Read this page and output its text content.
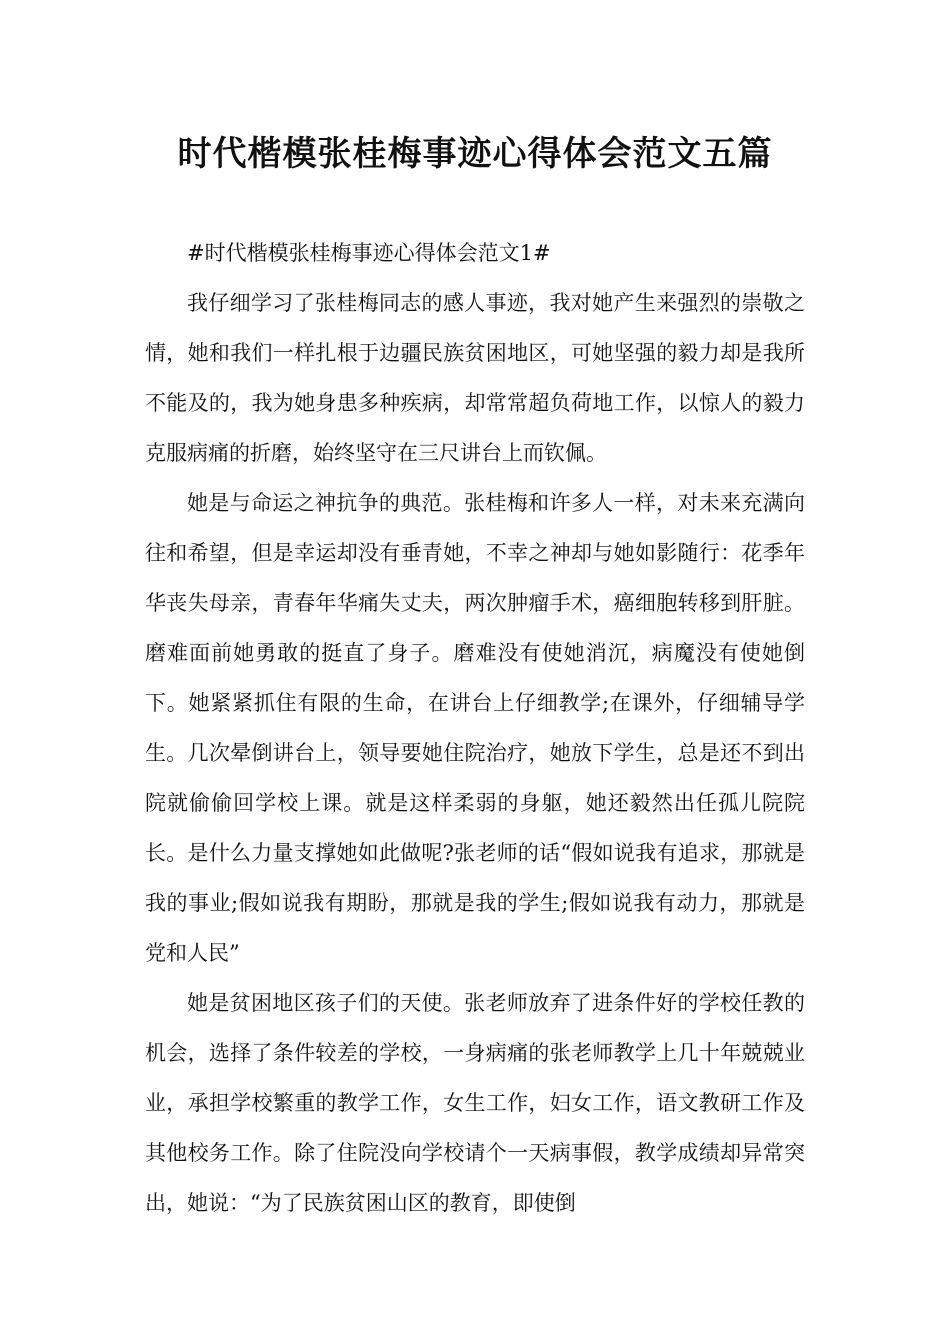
时代楷模张桂梅事迹心得体会范文五篇

#时代楷模张桂梅事迹心得体会范文1#

我仔细学习了张桂梅同志的感人事迹，我对她产生来强烈的崇敬之情，她和我们一样扎根于边疆民族贫困地区，可她坚强的毅力却是我所不能及的，我为她身患多种疾病，却常常超负荷地工作，以惊人的毅力克服病痛的折磨，始终坚守在三尺讲台上而钦佩。

她是与命运之神抗争的典范。张桂梅和许多人一样，对未来充满向往和希望，但是幸运却没有垂青她，不幸之神却与她如影随行：花季年华丧失母亲，青春年华痛失丈夫，两次肿瘤手术，癌细胞转移到肝脏。磨难面前她勇敢的挺直了身子。磨难没有使她消沉，病魔没有使她倒下。她紧紧抓住有限的生命，在讲台上仔细教学;在课外，仔细辅导学生。几次晕倒讲台上，领导要她住院治疗，她放下学生，总是还不到出院就偷偷回学校上课。就是这样柔弱的身躯，她还毅然出任孤儿院院长。是什么力量支撑她如此做呢?张老师的话“假如说我有追求，那就是我的事业;假如说我有期盼，那就是我的学生;假如说我有动力，那就是党和人民”

她是贫困地区孩子们的天使。张老师放弃了进条件好的学校任教的机会，选择了条件较差的学校，一身病痛的张老师教学上几十年兢兢业业，承担学校繁重的教学工作，女生工作，妇女工作，语文教研工作及其他校务工作。除了住院没向学校请个一天病事假，教学成绩却异常突出，她说：“为了民族贫困山区的教育，即使倒
